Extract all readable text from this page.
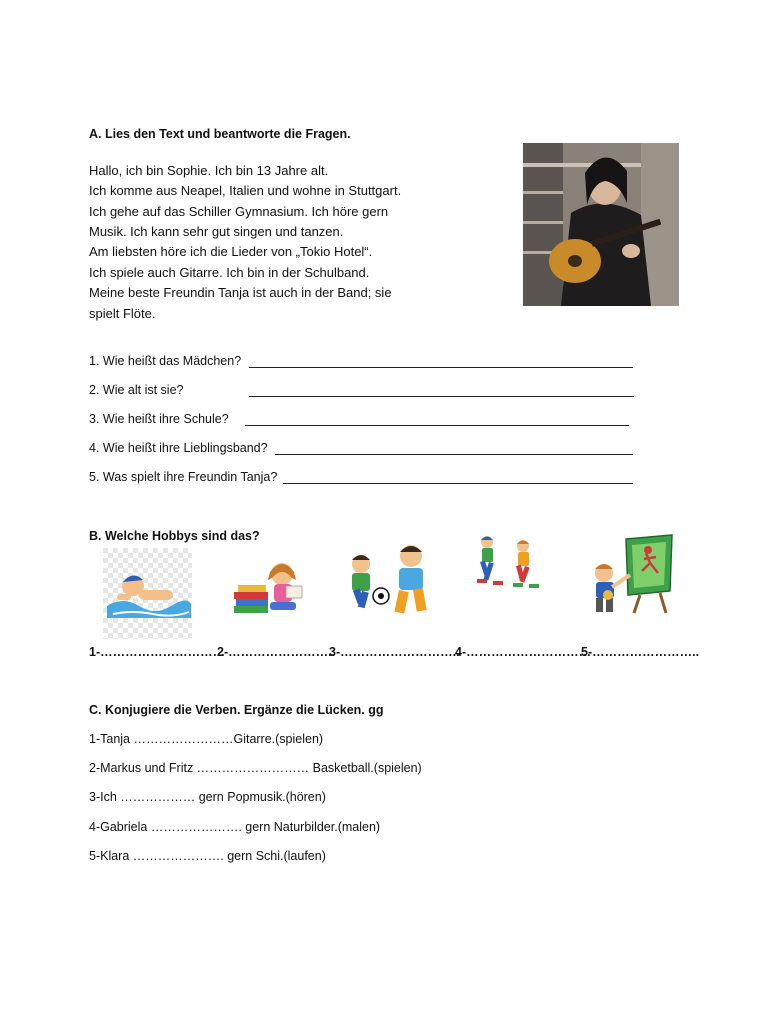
A. Lies den Text und beantworte die Fragen.
Hallo, ich bin Sophie. Ich bin 13 Jahre alt.
Ich komme aus Neapel, Italien und wohne in Stuttgart.
Ich gehe auf das Schiller Gymnasium. Ich höre gern
Musik. Ich kann sehr gut singen und tanzen.
Am liebsten höre ich die Lieder von „Tokio Hotel“.
Ich spiele auch Gitarre. Ich bin in der Schulband.
Meine beste Freundin Tanja ist auch in der Band; sie
spielt Flöte.
1. Wie heißt das Mädchen?
2. Wie alt ist sie?
3. Wie heißt ihre Schule?
4. Wie heißt ihre Lieblingsband?
5. Was spielt ihre Freundin Tanja?
B. Welche Hobbys sind das?
1-…………………………
2-……………………..
3-………………………..
4-…………………………
5-……………………..
C. Konjugiere die Verben. Ergänze die Lücken. gg
1-Tanja ……………………Gitarre.(spielen)
2-Markus und Fritz ……………………… Basketball.(spielen)
3-Ich ……………… gern Popmusik.(hören)
4-Gabriela …………………. gern Naturbilder.(malen)
5-Klara …………………. gern Schi.(laufen)
